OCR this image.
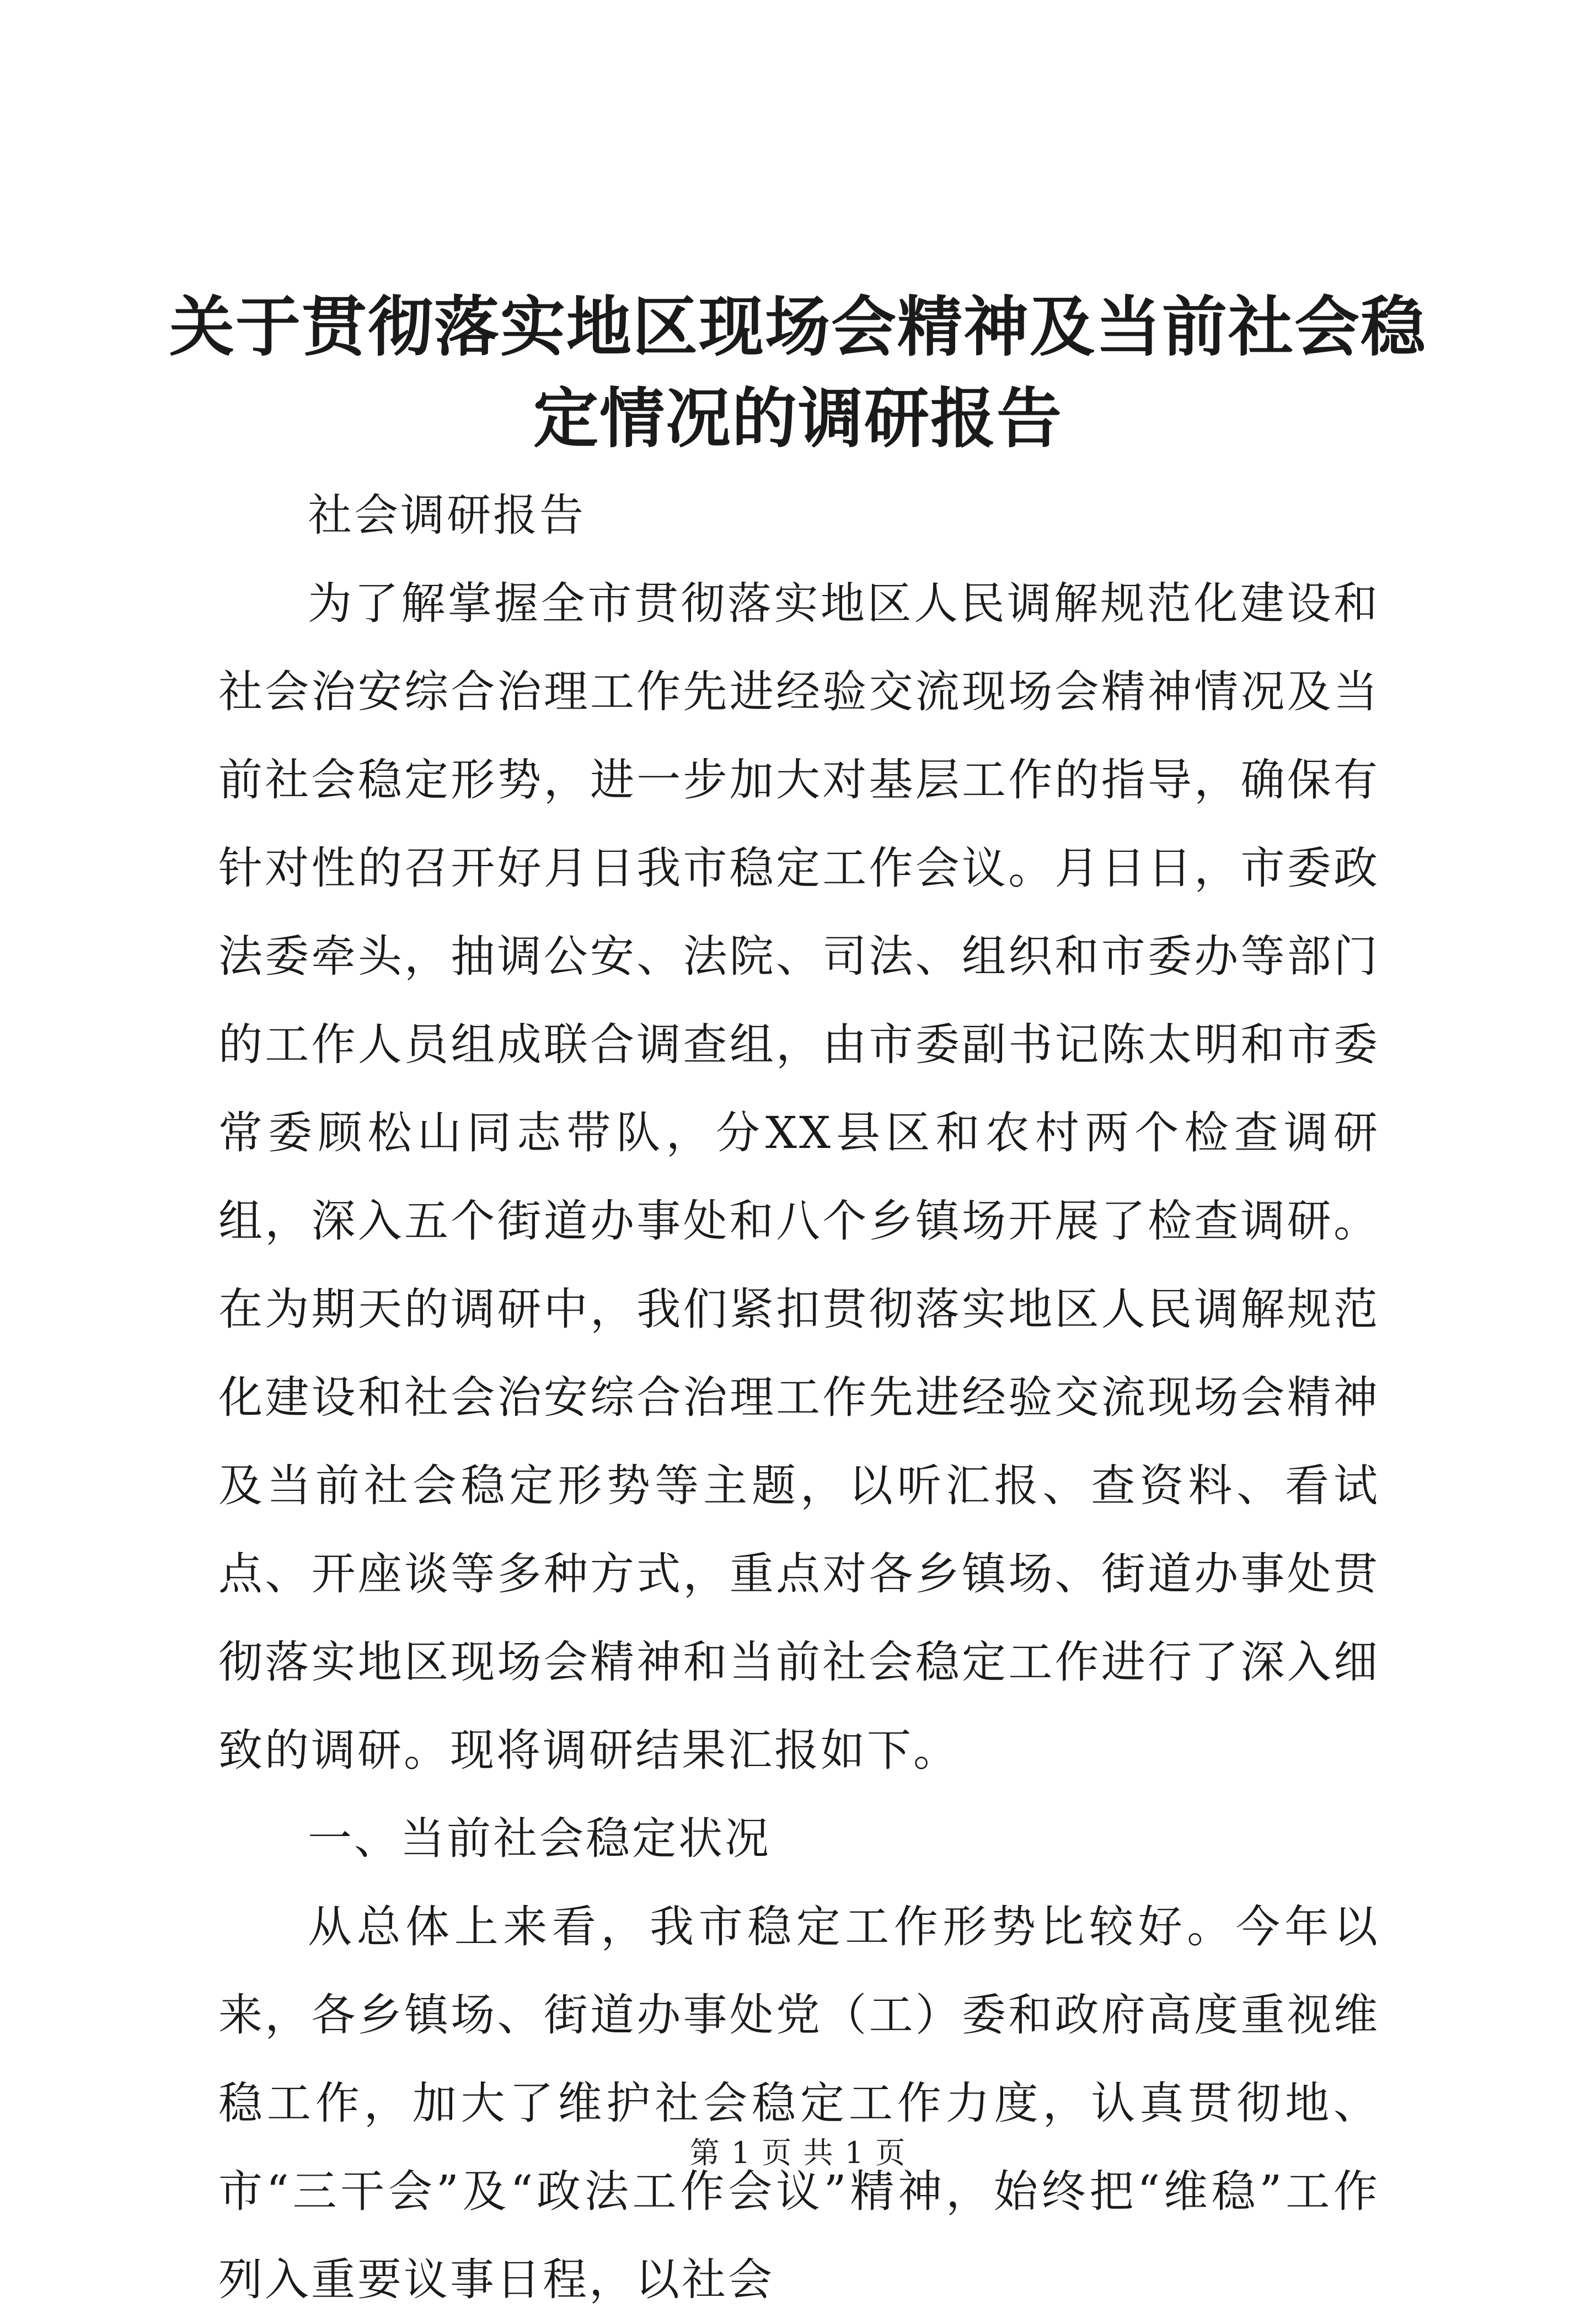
关于贯彻落实地区现场会精神及当前社会稳定情况的调研报告

社会调研报告

为了解掌握全市贯彻落实地区人民调解规范化建设和社会治安综合治理工作先进经验交流现场会精神情况及当前社会稳定形势，进一步加大对基层工作的指导，确保有针对性的召开好月日我市稳定工作会议。月日日，市委政法委牵头，抽调公安、法院、司法、组织和市委办等部门的工作人员组成联合调查组，由市委副书记陈太明和市委常委顾松山同志带队，分XX县区和农村两个检查调研组，深入五个街道办事处和八个乡镇场开展了检查调研。在为期天的调研中，我们紧扣贯彻落实地区人民调解规范化建设和社会治安综合治理工作先进经验交流现场会精神及当前社会稳定形势等主题，以听汇报、查资料、看试点、开座谈等多种方式，重点对各乡镇场、街道办事处贯彻落实地区现场会精神和当前社会稳定工作进行了深入细致的调研。现将调研结果汇报如下。

一、当前社会稳定状况

从总体上来看，我市稳定工作形势比较好。今年以来，各乡镇场、街道办事处党（工）委和政府高度重视维稳工作，加大了维护社会稳定工作力度，认真贯彻地、市“三干会”及“政法工作会议”精神，始终把“维稳”工作列入重要议事日程，以社会

第 1 页 共 1 页
